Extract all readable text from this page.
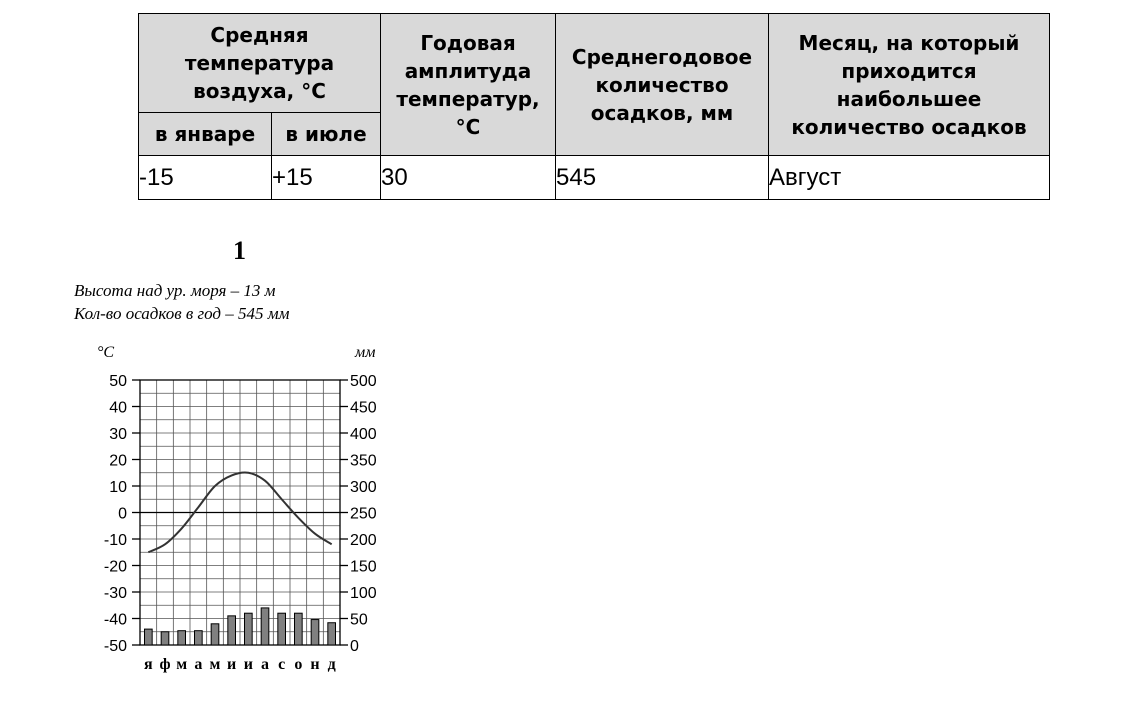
Средняя температура воздуха, °С		Годовая амплитуда температур, °С	Среднегодовое количество осадков, мм	Месяц, на который приходится наибольшее количество осадков
в январе	в июле			
-15	+15	30	545	Август
1
Высота над ур. моря – 13 м
Кол-во осадков в год – 545 мм
°С	мм
50
40
30
20
10
0
-10
-20
-30
-40
-50
500
450
400
350
300
250
200
150
100
50
0
я ф м а м и и а с о н д
